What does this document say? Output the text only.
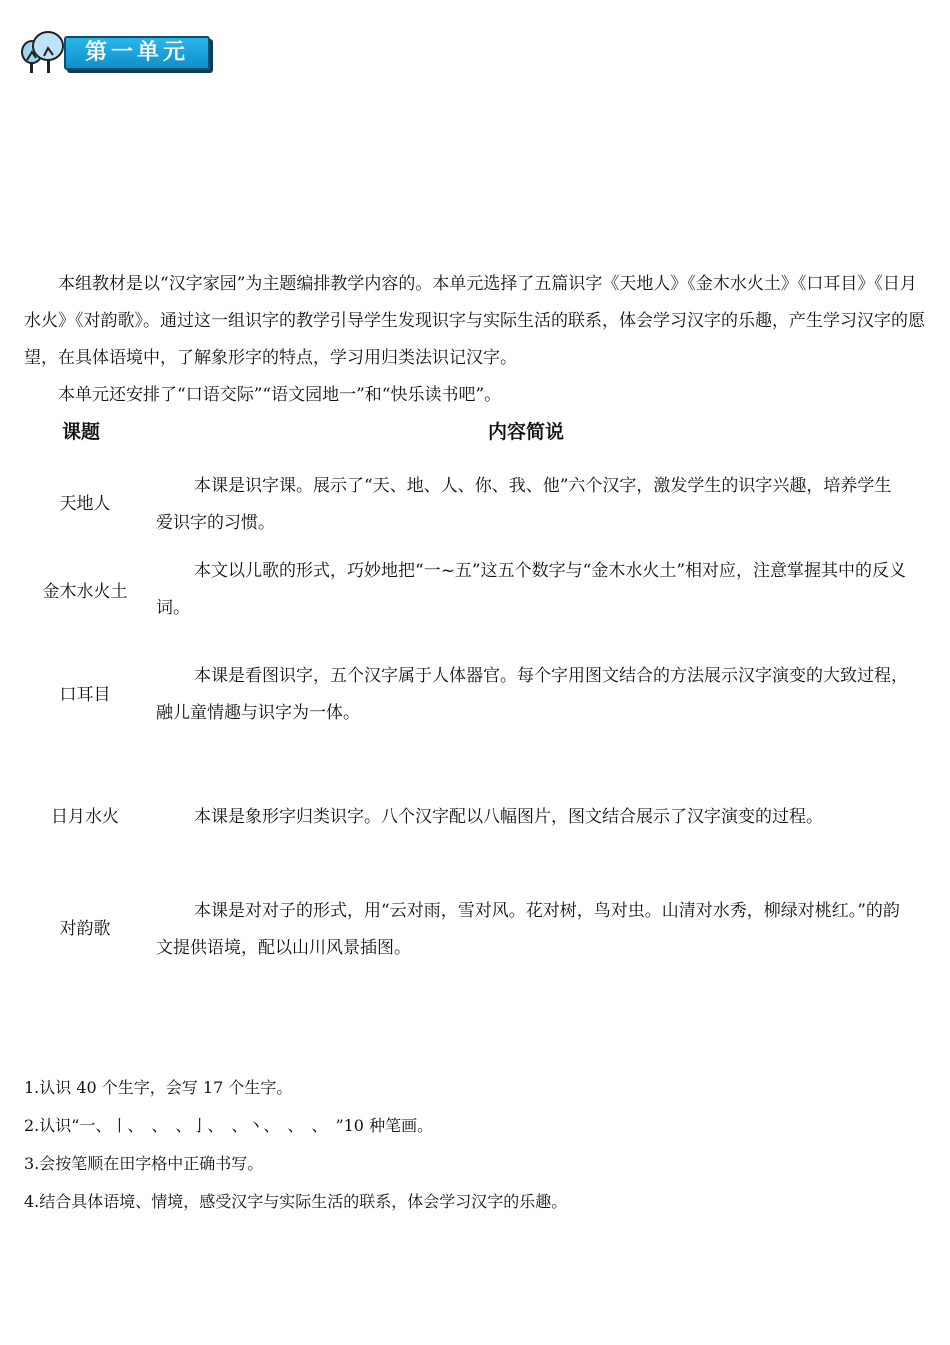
第一单元
本组教材是以“汉字家园”为主题编排教学内容的。本单元选择了五篇识字《天地人》《金木水火土》《口耳目》《日月水火》《对韵歌》。通过这一组识字的教学引导学生发现识字与实际生活的联系，体会学习汉字的乐趣，产生学习汉字的愿望，在具体语境中，了解象形字的特点，学习用归类法识记汉字。
本单元还安排了“口语交际”“语文园地一”和“快乐读书吧”。
课题	内容简说
天地人
本课是识字课。展示了“天、地、人、你、我、他”六个汉字，激发学生的识字兴趣，培养学生爱识字的习惯。
金木水火土
本文以儿歌的形式，巧妙地把“一~五”这五个数字与“金木水火土”相对应，注意掌握其中的反义词。
口耳目
本课是看图识字，五个汉字属于人体器官。每个字用图文结合的方法展示汉字演变的大致过程，融儿童情趣与识字为一体。
日月水火	本课是象形字归类识字。八个汉字配以八幅图片，图文结合展示了汉字演变的过程。
对韵歌
本课是对对子的形式，用“云对雨，雪对风。花对树，鸟对虫。山清对水秀，柳绿对桃红。”的韵文提供语境，配以山川风景插图。
1.认识 40 个生字，会写 17 个生字。
2.认识“一、丨、　、　、亅、　、丶、　、　、　”10 种笔画。
3.会按笔顺在田字格中正确书写。
4.结合具体语境、情境，感受汉字与实际生活的联系，体会学习汉字的乐趣。
